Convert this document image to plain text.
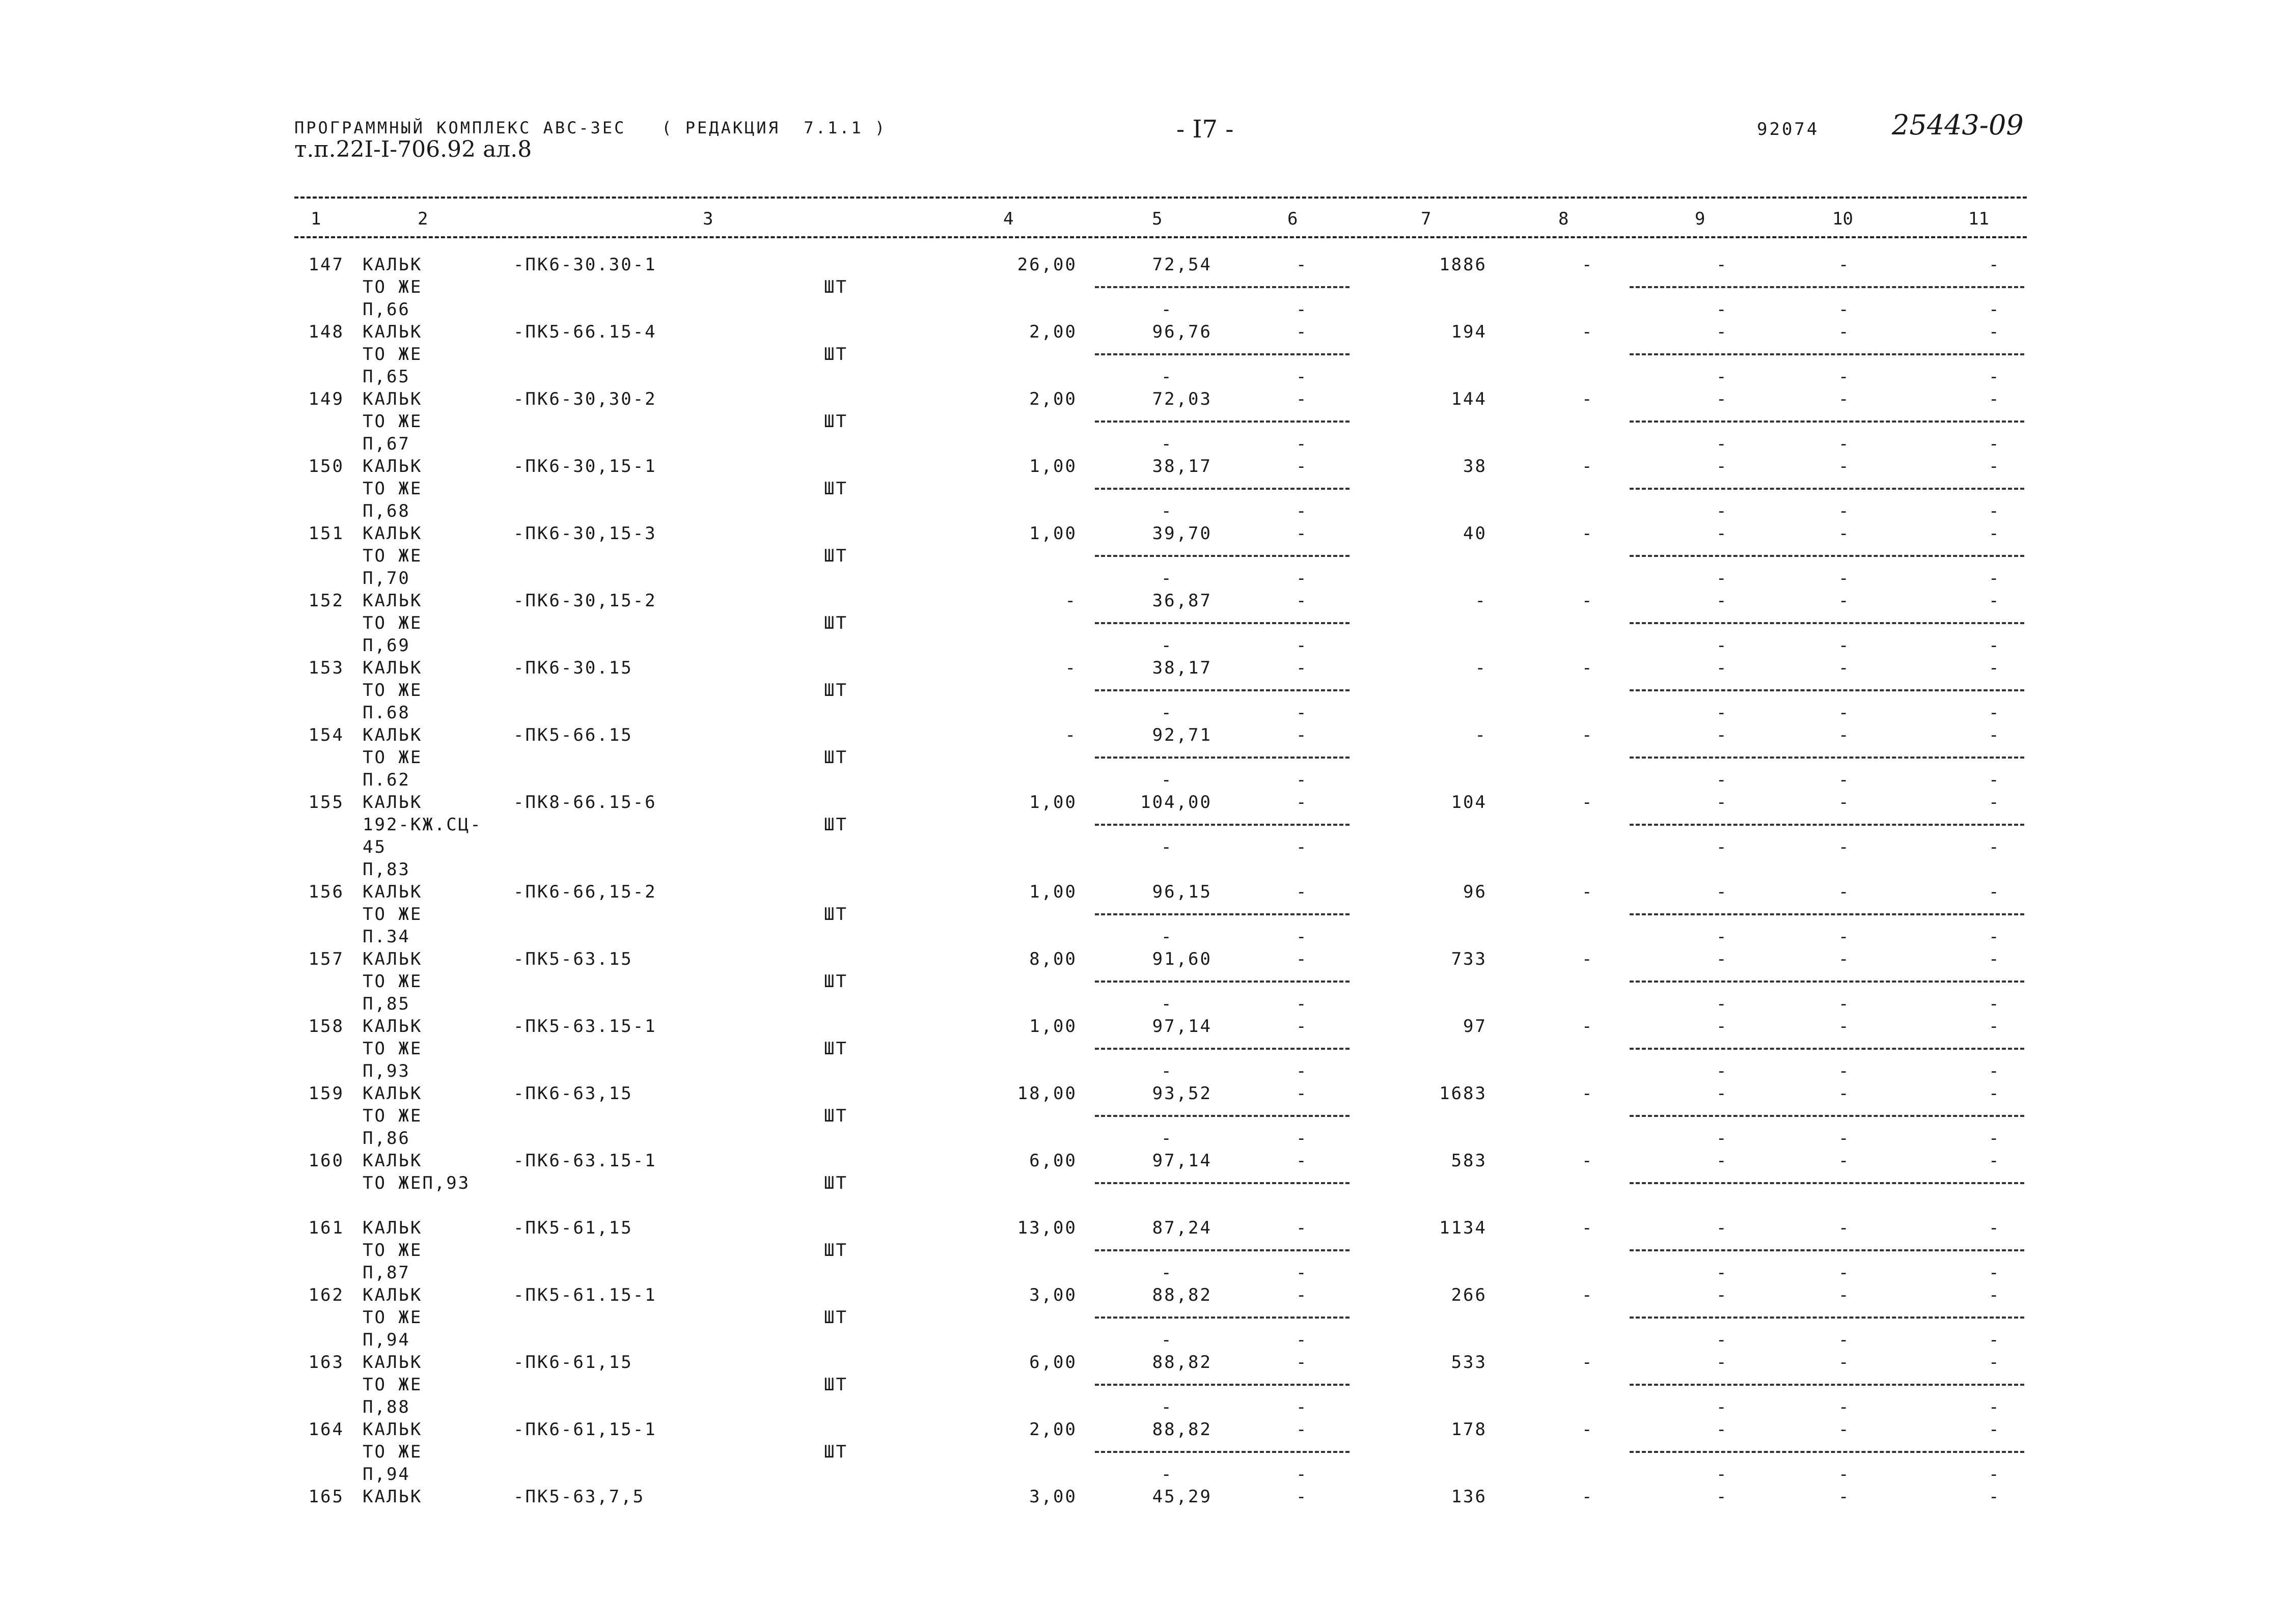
ПРОГРАММНЫЙ КОМПЛЕКС АВС-3ЕС   ( РЕДАКЦИЯ  7.1.1 )
т.п.22I-I-706.92 ал.8
- I7 -	92074	25443-09
1	2	3	4	5	6	7	8	9	10	11
147 КАЛЬК	-ПК6-30.30-1	26,00	72,54	-	1886	-	-	-	-
ТО ЖЕ	ШТ
П,66	-	-	-	-	-
148 КАЛЬК	-ПК5-66.15-4	2,00	96,76	-	194	-	-	-	-
ТО ЖЕ	ШТ
П,65	-	-	-	-	-
149 КАЛЬК	-ПК6-30,30-2	2,00	72,03	-	144	-	-	-	-
ТО ЖЕ	ШТ
П,67	-	-	-	-	-
150 КАЛЬК	-ПК6-30,15-1	1,00	38,17	-	38	-	-	-	-
ТО ЖЕ	ШТ
П,68	-	-	-	-	-
151 КАЛЬК	-ПК6-30,15-3	1,00	39,70	-	40	-	-	-	-
ТО ЖЕ	ШТ
П,70	-	-	-	-	-
152 КАЛЬК	-ПК6-30,15-2	-	36,87	-	-	-	-	-	-
ТО ЖЕ	ШТ
П,69	-	-	-	-	-
153 КАЛЬК	-ПК6-30.15	-	38,17	-	-	-	-	-	-
ТО ЖЕ	ШТ
П.68	-	-	-	-	-
154 КАЛЬК	-ПК5-66.15	-	92,71	-	-	-	-	-	-
ТО ЖЕ	ШТ
П.62	-	-	-	-	-
155 КАЛЬК	-ПК8-66.15-6	1,00	104,00	-	104	-	-	-	-
192-КЖ.СЦ-	ШТ
45	-	-	-	-	-
П,83
156 КАЛЬК	-ПК6-66,15-2	1,00	96,15	-	96	-	-	-	-
ТО ЖЕ	ШТ
П.34	-	-	-	-	-
157 КАЛЬК	-ПК5-63.15	8,00	91,60	-	733	-	-	-	-
ТО ЖЕ	ШТ
П,85	-	-	-	-	-
158 КАЛЬК	-ПК5-63.15-1	1,00	97,14	-	97	-	-	-	-
ТО ЖЕ	ШТ
П,93	-	-	-	-	-
159 КАЛЬК	-ПК6-63,15	18,00	93,52	-	1683	-	-	-	-
ТО ЖЕ	ШТ
П,86	-	-	-	-	-
160 КАЛЬК	-ПК6-63.15-1	6,00	97,14	-	583	-	-	-	-
ТО ЖЕП,93	ШТ
161 КАЛЬК	-ПК5-61,15	13,00	87,24	-	1134	-	-	-	-
ТО ЖЕ	ШТ
П,87	-	-	-	-	-
162 КАЛЬК	-ПК5-61.15-1	3,00	88,82	-	266	-	-	-	-
ТО ЖЕ	ШТ
П,94	-	-	-	-	-
163 КАЛЬК	-ПК6-61,15	6,00	88,82	-	533	-	-	-	-
ТО ЖЕ	ШТ
П,88	-	-	-	-	-
164 КАЛЬК	-ПК6-61,15-1	2,00	88,82	-	178	-	-	-	-
ТО ЖЕ	ШТ
П,94	-	-	-	-	-
165 КАЛЬК	-ПК5-63,7,5	3,00	45,29	-	136	-	-	-	-
